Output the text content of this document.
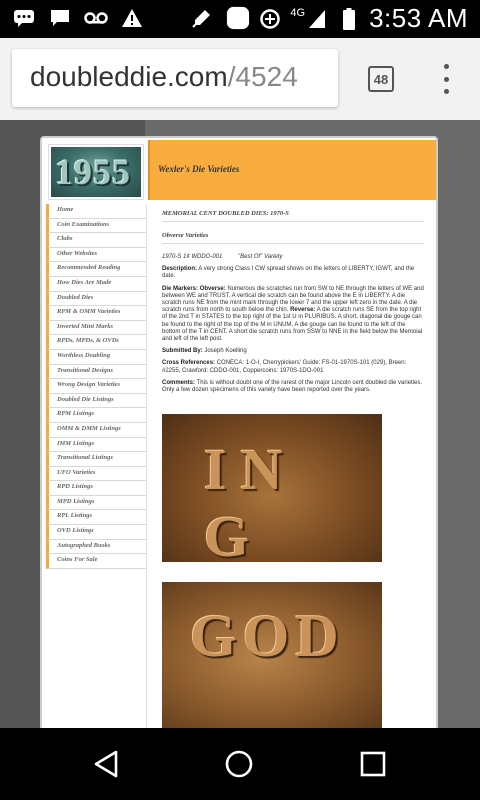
4G 3:53 AM
doubleddie.com/4524	48
1955	Wexler's Die Varieties
Home
Coin Examinations
Clubs
Other Websites
Recommended Reading
How Dies Are Made
Doubled Dies
RPM & OMM Varieties
Inverted Mint Marks
RPDs, MPDs, & OVDs
Worthless Doubling
Transitional Designs
Wrong Design Varieties
Doubled Die Listings
RPM Listings
OMM & DMM Listings
IMM Listings
Transitional Listings
UFO Varieties
RPD Listings
MPD Listings
RPL Listings
OVD Listings
Autographed Books
Coins For Sale
MEMORIAL CENT DOUBLED DIES: 1970-S
Obverse Varieties
1970-S 1¢ WDDO-001	"Best Of" Variety
Description: A very strong Class I CW spread shows on the letters of LIBERTY, IGWT, and the date.
Die Markers: Obverse: Numerous die scratches run from SW to NE through the letters of WE and between WE and TRUST. A vertical die scratch can be found above the E in LIBERTY. A die scratch runs NE from the mint mark through the lower 7 and the upper left zero in the date. A die scratch runs from north to south below the chin. Reverse: A die scratch runs SE from the top right of the 2nd T in STATES to the top right of the 1st U in PLURIBUS. A short, diagonal die gouge can be found to the right of the top of the M in UNUM. A die gouge can be found to the left of the bottom of the T in CENT. A short die scratch runs from SSW to NNE in the field below the Memoial and left of the left post.
Submitted By: Joseph Koelling
Cross References: CONECA: 1-O-I, Cherrypickers' Guide: FS-01-1970S-101 (029), Breen: #2255, Crawford: CDDO-001, Coppercoins: 1970S-1DO-001
Comments: This is without doubt one of the rarest of the major Lincoln cent doubled die varieties. Only a few dozen specimens of this variety have been reported over the years.
IN G
GOD
